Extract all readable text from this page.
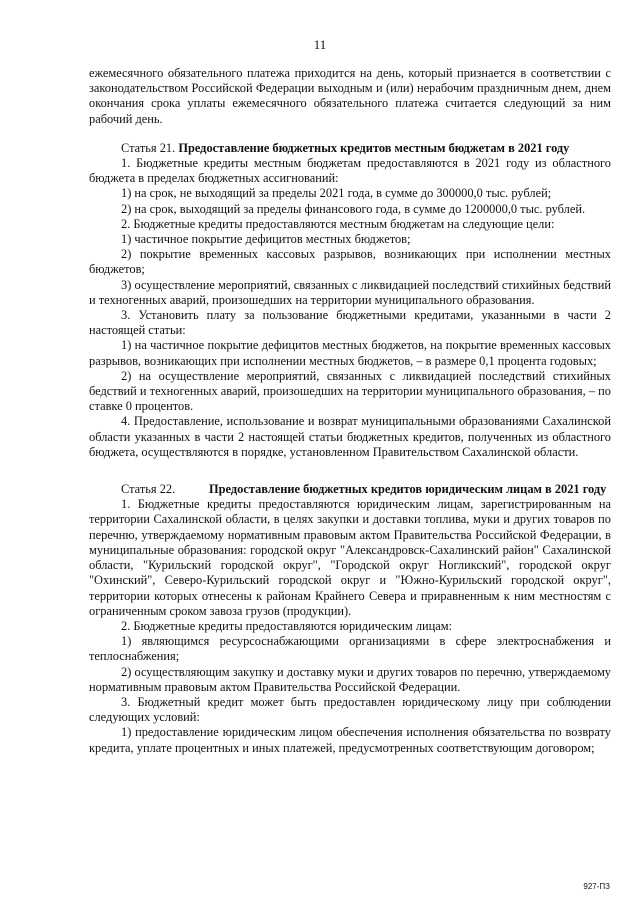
11

ежемесячного обязательного платежа приходится на день, который признается в соответствии с законодательством Российской Федерации выходным и (или) нерабочим праздничным днем, днем окончания срока уплаты ежемесячного обязательного платежа считается следующий за ним рабочий день.

Статья 21. Предоставление бюджетных кредитов местным бюджетам в 2021 году

1. Бюджетные кредиты местным бюджетам предоставляются в 2021 году из областного бюджета в пределах бюджетных ассигнований:

1) на срок, не выходящий за пределы 2021 года, в сумме до 300000,0 тыс. рублей;

2) на срок, выходящий за пределы финансового года, в сумме до 1200000,0 тыс. рублей.

2. Бюджетные кредиты предоставляются местным бюджетам на следующие цели:

1) частичное покрытие дефицитов местных бюджетов;

2) покрытие временных кассовых разрывов, возникающих при исполнении местных бюджетов;

3) осуществление мероприятий, связанных с ликвидацией последствий стихийных бедствий и техногенных аварий, произошедших на территории муниципального образования.

3. Установить плату за пользование бюджетными кредитами, указанными в части 2 настоящей статьи:

1) на частичное покрытие дефицитов местных бюджетов, на покрытие временных кассовых разрывов, возникающих при исполнении местных бюджетов, – в размере 0,1 процента годовых;

2) на осуществление мероприятий, связанных с ликвидацией последствий стихийных бедствий и техногенных аварий, произошедших на территории муниципального образования, – по ставке 0 процентов.

4. Предоставление, использование и возврат муниципальными образованиями Сахалинской области указанных в части 2 настоящей статьи бюджетных кредитов, полученных из областного бюджета, осуществляются в порядке, установленном Правительством Сахалинской области.

Статья 22.	Предоставление бюджетных кредитов юридическим лицам в 2021 году

1. Бюджетные кредиты предоставляются юридическим лицам, зарегистрированным на территории Сахалинской области, в целях закупки и доставки топлива, муки и других товаров по перечню, утверждаемому нормативным правовым актом Правительства Российской Федерации, в муниципальные образования: городской округ "Александровск-Сахалинский район" Сахалинской области, "Курильский городской округ", "Городской округ Ногликский", городской округ "Охинский", Северо-Курильский городской округ и "Южно-Курильский городской округ", территории которых отнесены к районам Крайнего Севера и приравненным к ним местностям с ограниченным сроком завоза грузов (продукции).

2. Бюджетные кредиты предоставляются юридическим лицам:

1) являющимся ресурсоснабжающими организациями в сфере электроснабжения и теплоснабжения;

2) осуществляющим закупку и доставку муки и других товаров по перечню, утверждаемому нормативным правовым актом Правительства Российской Федерации.

3. Бюджетный кредит может быть предоставлен юридическому лицу при соблюдении следующих условий:

1) предоставление юридическим лицом обеспечения исполнения обязательства по возврату кредита, уплате процентных и иных платежей, предусмотренных соответствующим договором;

927-ПЗ
